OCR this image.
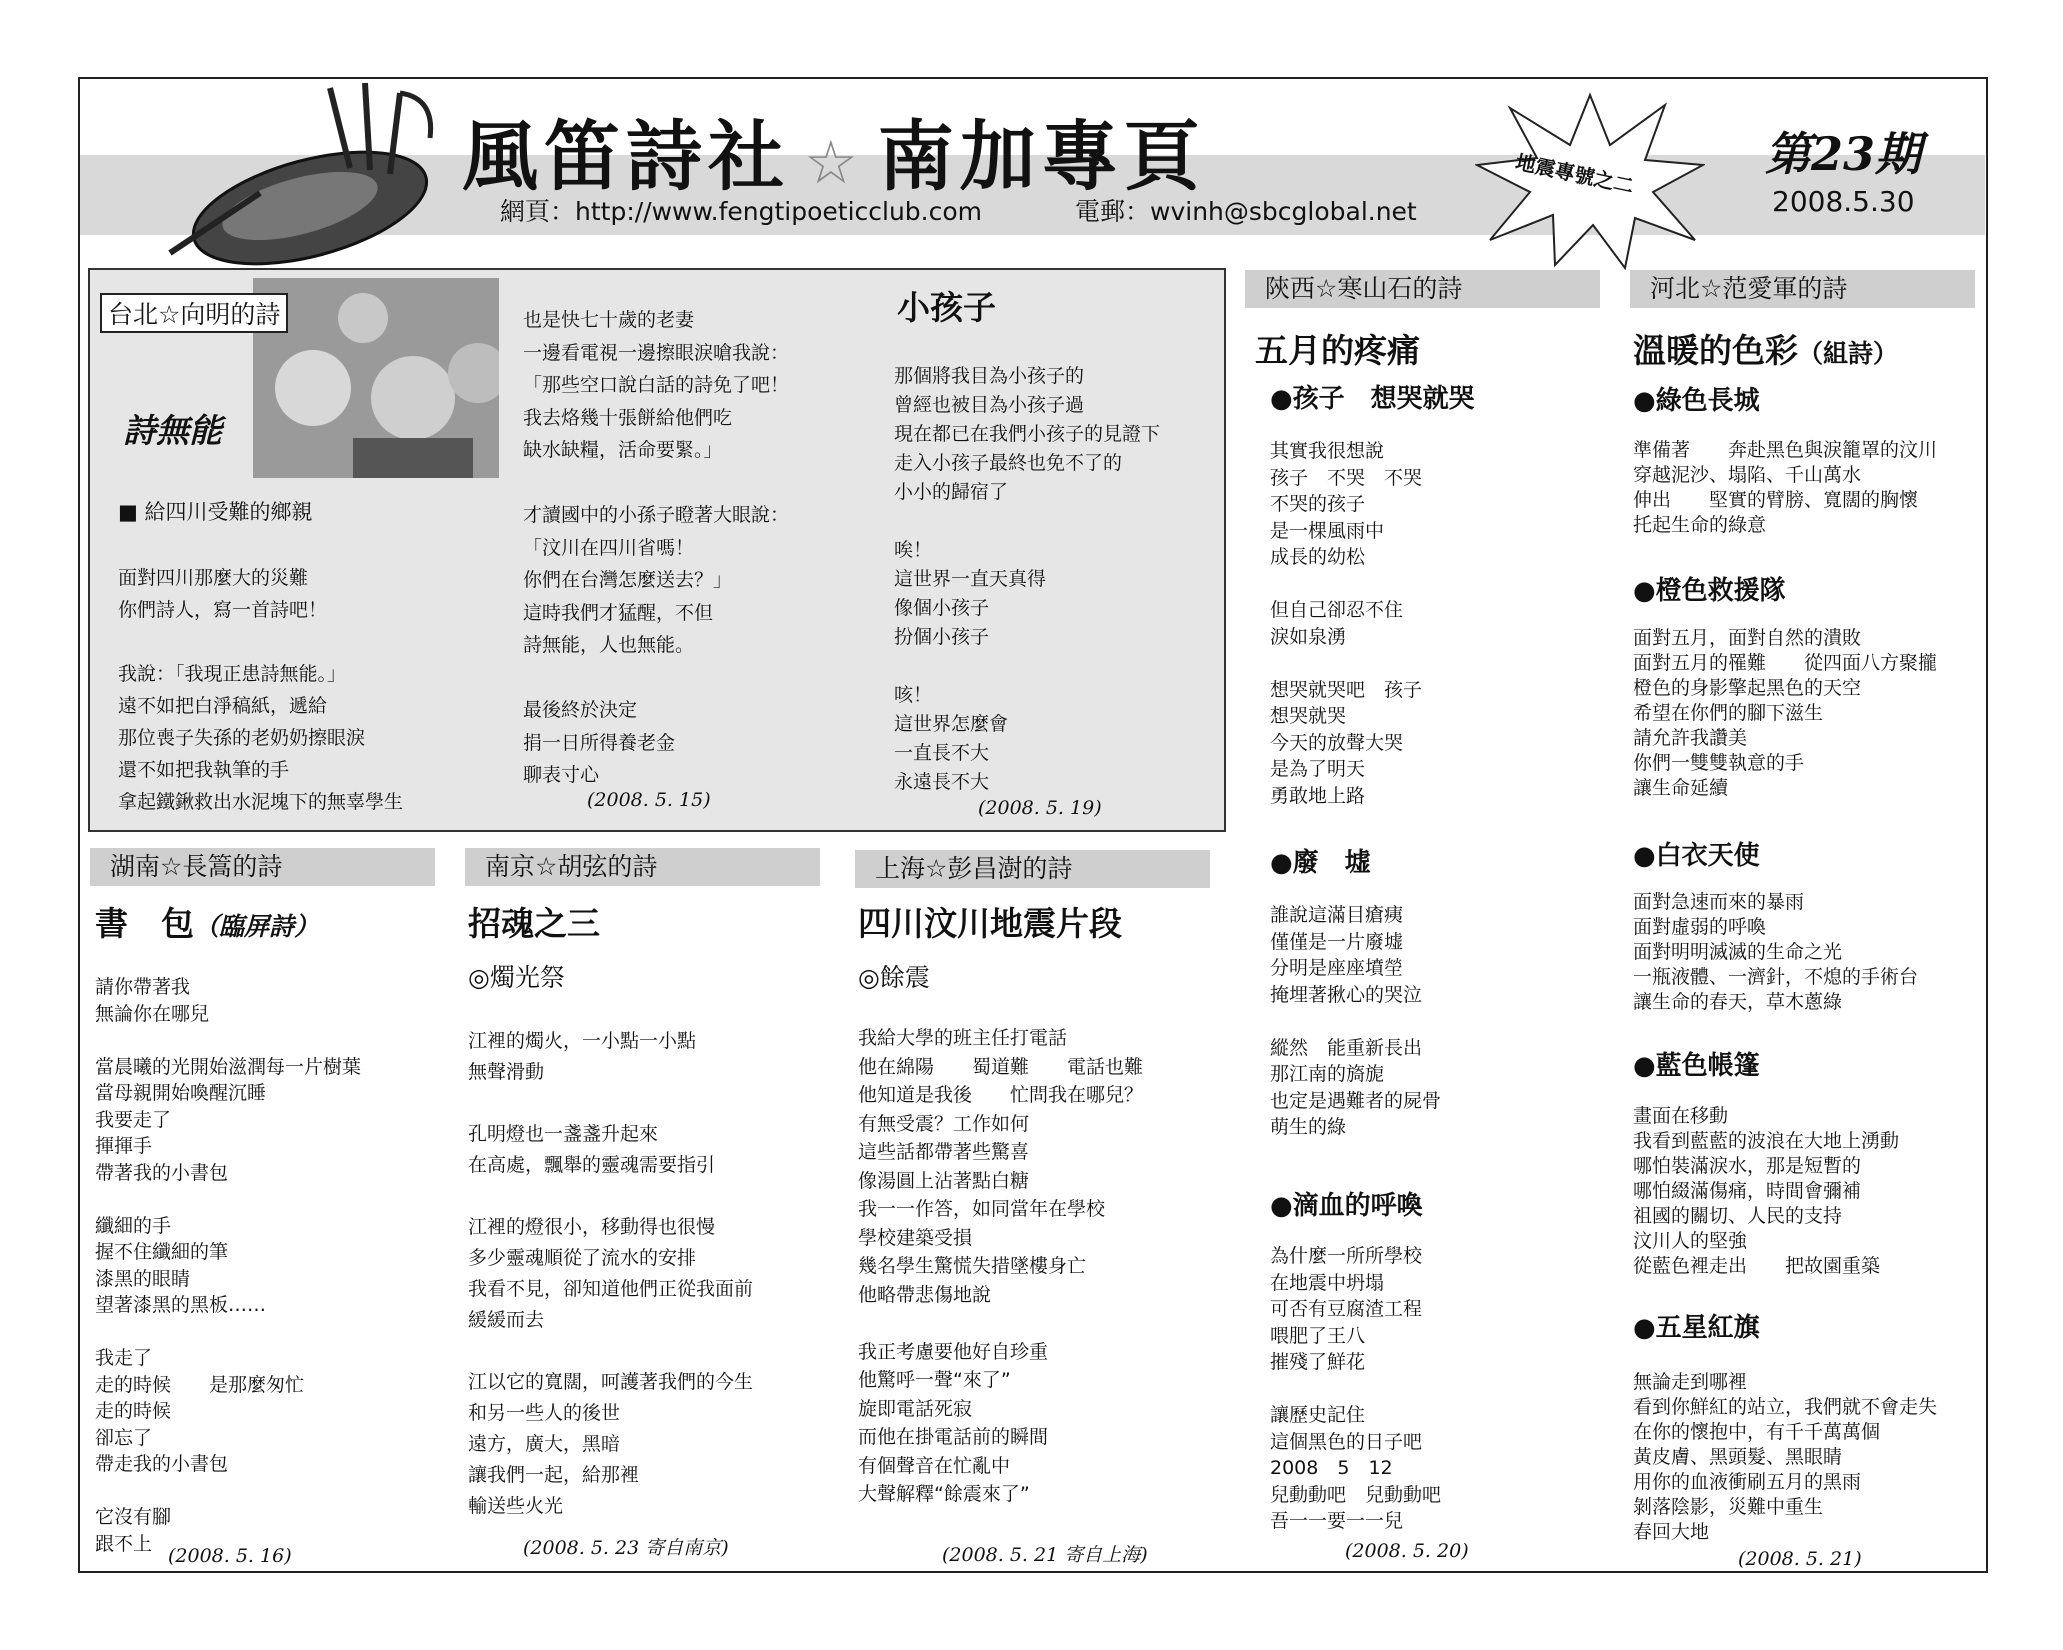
風笛詩社 ☆ 南加專頁
網頁：http://www.fengtipoeticclub.com	電郵：wvinh@sbcglobal.net
地震專號之二	第23期
2008.5.30
台北☆向明的詩
詩無能
■ 給四川受難的鄉親
面對四川那麼大的災難
你們詩人，寫一首詩吧！

我說：「我現正患詩無能。」
遠不如把白淨稿紙，遞給
那位喪子失孫的老奶奶擦眼淚
還不如把我執筆的手
拿起鐵鍬救出水泥塊下的無辜學生
也是快七十歲的老妻
一邊看電視一邊擦眼淚嗆我說：
「那些空口說白話的詩免了吧！
我去烙幾十張餅給他們吃
缺水缺糧，活命要緊。」

才讀國中的小孫子瞪著大眼說：
「汶川在四川省嗎！
你們在台灣怎麼送去？」
這時我們才猛醒，不但
詩無能，人也無能。

最後終於決定
捐一日所得養老金
聊表寸心
(2008. 5. 15)
小孩子
那個將我目為小孩子的
曾經也被目為小孩子過
現在都已在我們小孩子的見證下
走入小孩子最終也免不了的
小小的歸宿了

唉！
這世界一直天真得
像個小孩子
扮個小孩子

咳！
這世界怎麼會
一直長不大
永遠長不大
(2008. 5. 19)
陝西☆寒山石的詩
五月的疼痛
●孩子　想哭就哭
其實我很想說
孩子　不哭　不哭
不哭的孩子
是一棵風雨中
成長的幼松

但自己卻忍不住
淚如泉湧

想哭就哭吧　孩子
想哭就哭
今天的放聲大哭
是為了明天
勇敢地上路
●廢　墟
誰說這滿目瘡痍
僅僅是一片廢墟
分明是座座墳塋
掩埋著揪心的哭泣

縱然　能重新長出
那江南的旖旎
也定是遇難者的屍骨
萌生的綠
●滴血的呼喚
為什麼一所所學校
在地震中坍塌
可否有豆腐渣工程
喂肥了王八
摧殘了鮮花

讓歷史記住
這個黑色的日子吧
2008　5　12
兒動動吧　兒動動吧
吾一一要一一兒
(2008. 5. 20)
河北☆范愛軍的詩
溫暖的色彩（組詩）
●綠色長城
準備著　　奔赴黑色與淚籠罩的汶川
穿越泥沙、塌陷、千山萬水
伸出　　堅實的臂膀、寬闊的胸懷
托起生命的綠意
●橙色救援隊
面對五月，面對自然的潰敗
面對五月的罹難　　從四面八方聚攏
橙色的身影擎起黑色的天空
希望在你們的腳下滋生
請允許我讚美
你們一雙雙執意的手
讓生命延續
●白衣天使
面對急速而來的暴雨
面對虛弱的呼喚
面對明明滅滅的生命之光
一瓶液體、一濟針，不熄的手術台
讓生命的春天，草木蔥綠
●藍色帳篷
畫面在移動
我看到藍藍的波浪在大地上湧動
哪怕裝滿淚水，那是短暫的
哪怕綴滿傷痛，時間會彌補
祖國的關切、人民的支持
汶川人的堅強
從藍色裡走出　　把故園重築
●五星紅旗
無論走到哪裡
看到你鮮紅的站立，我們就不會走失
在你的懷抱中，有千千萬萬個
黃皮膚、黑頭髮、黑眼睛
用你的血液衝刷五月的黑雨
剝落陰影，災難中重生
春回大地
(2008. 5. 21)
湖南☆長篙的詩
書　包（臨屏詩）
請你帶著我
無論你在哪兒

當晨曦的光開始滋潤每一片樹葉
當母親開始喚醒沉睡
我要走了
揮揮手
帶著我的小書包

纖細的手
握不住纖細的筆
漆黑的眼睛
望著漆黑的黑板……

我走了
走的時候　　是那麼匆忙
走的時候
卻忘了
帶走我的小書包

它沒有腳
跟不上
(2008. 5. 16)
南京☆胡弦的詩
招魂之三
◎燭光祭
江裡的燭火，一小點一小點
無聲滑動

孔明燈也一盞盞升起來
在高處，飄舉的靈魂需要指引

江裡的燈很小，移動得也很慢
多少靈魂順從了流水的安排
我看不見，卻知道他們正從我面前
緩緩而去

江以它的寬闊，呵護著我們的今生
和另一些人的後世
遠方，廣大，黑暗
讓我們一起，給那裡
輸送些火光
(2008. 5. 23 寄自南京)
上海☆彭昌澍的詩
四川汶川地震片段
◎餘震
我給大學的班主任打電話
他在綿陽　　蜀道難　　電話也難
他知道是我後　　忙問我在哪兒？
有無受震？工作如何
這些話都帶著些驚喜
像湯圓上沾著點白糖
我一一作答，如同當年在學校
學校建築受損
幾名學生驚慌失措墜樓身亡
他略帶悲傷地說

我正考慮要他好自珍重
他驚呼一聲“來了”
旋即電話死寂
而他在掛電話前的瞬間
有個聲音在忙亂中
大聲解釋“餘震來了”
(2008. 5. 21 寄自上海)
